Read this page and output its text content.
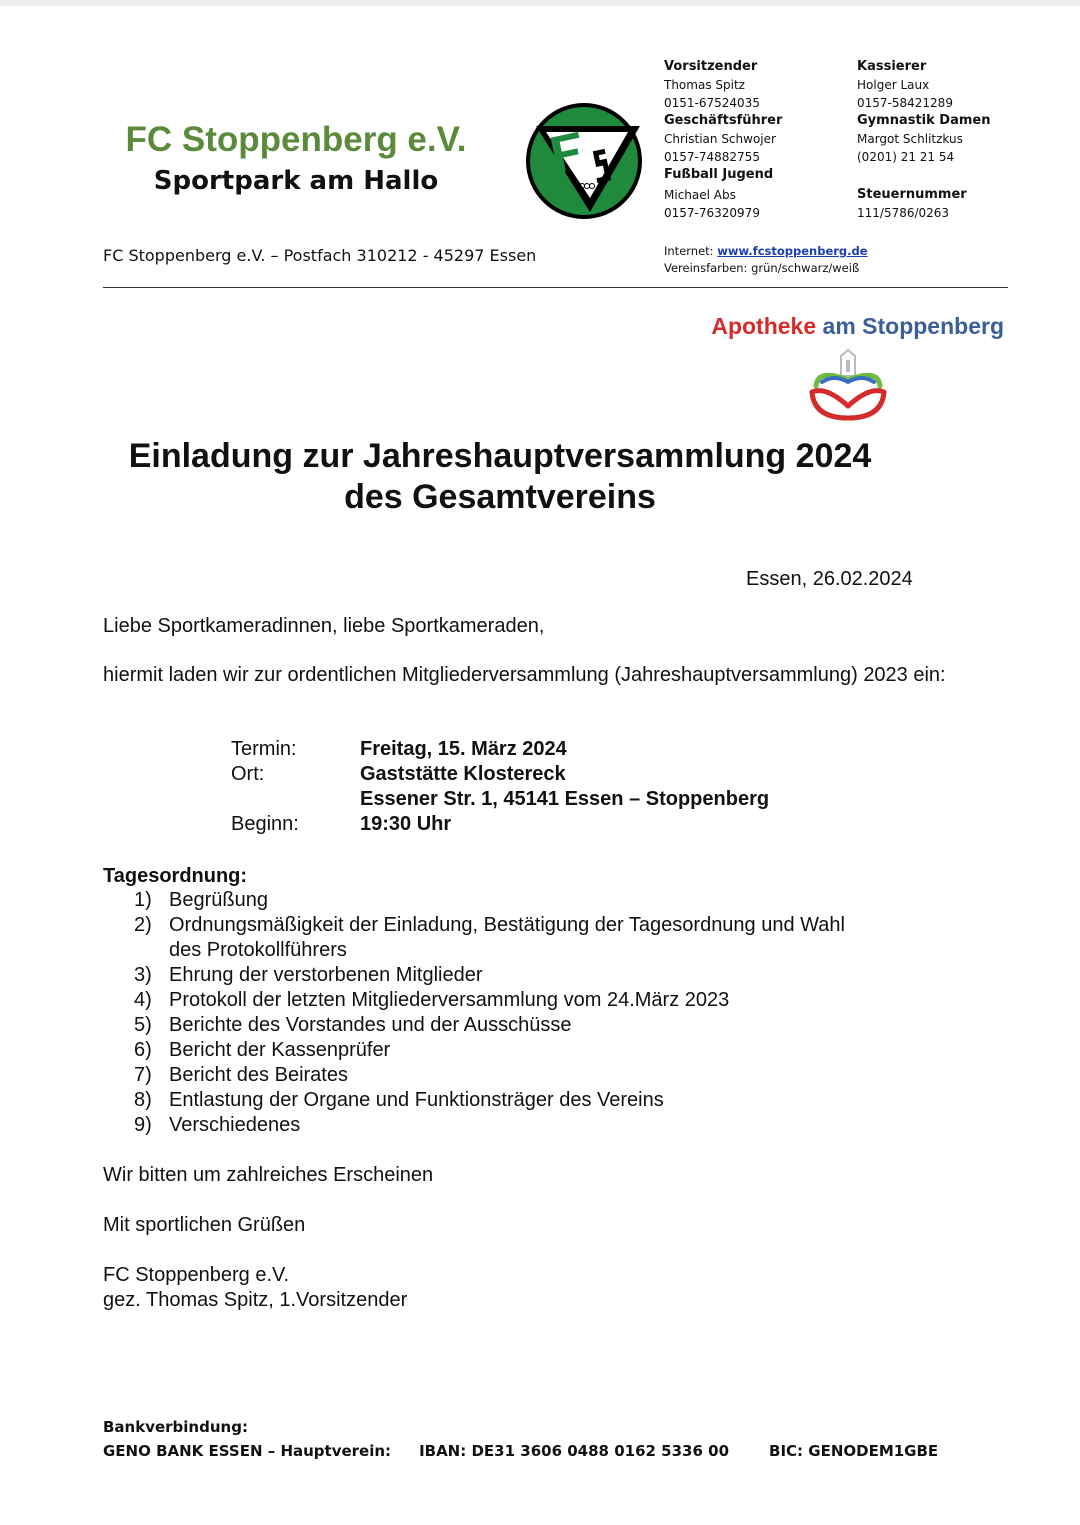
FC Stoppenberg e.V.
Sportpark am Hallo
FC Stoppenberg e.V. – Postfach 310212 - 45297 Essen
Vorsitzender
Thomas Spitz
0151-67524035
Geschäftsführer
Christian Schwojer
0157-74882755
Fußball Jugend
Michael Abs
0157-76320979
Kassierer
Holger Laux
0157-58421289
Gymnastik Damen
Margot Schlitzkus
(0201) 21 21 54
Steuernummer
111/5786/0263
Internet: www.fcstoppenberg.de
Vereinsfarben: grün/schwarz/weiß
Apotheke am Stoppenberg
Einladung zur Jahreshauptversammlung 2024
des Gesamtvereins
Essen, 26.02.2024
Liebe Sportkameradinnen, liebe Sportkameraden,
hiermit laden wir zur ordentlichen Mitgliederversammlung (Jahreshauptversammlung) 2023 ein:
Termin:	Freitag, 15. März 2024
Ort:	Gaststätte Klostereck
Essener Str. 1, 45141 Essen – Stoppenberg
Beginn:	19:30 Uhr
Tagesordnung:
1) Begrüßung
2) Ordnungsmäßigkeit der Einladung, Bestätigung der Tagesordnung und Wahl des Protokollführers
3) Ehrung der verstorbenen Mitglieder
4) Protokoll der letzten Mitgliederversammlung vom 24.März 2023
5) Berichte des Vorstandes und der Ausschüsse
6) Bericht der Kassenprüfer
7) Bericht des Beirates
8) Entlastung der Organe und Funktionsträger des Vereins
9) Verschiedenes
Wir bitten um zahlreiches Erscheinen
Mit sportlichen Grüßen
FC Stoppenberg e.V.
gez. Thomas Spitz, 1.Vorsitzender
Bankverbindung:
GENO BANK ESSEN – Hauptverein: IBAN: DE31 3606 0488 0162 5336 00	BIC: GENODEM1GBE
